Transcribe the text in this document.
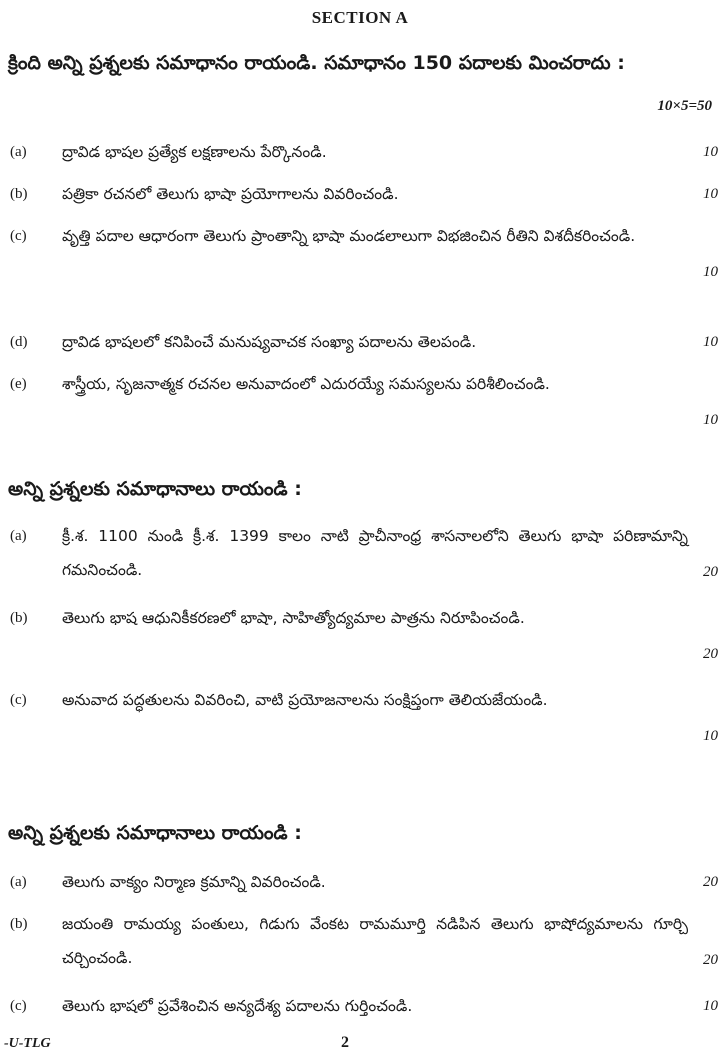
SECTION A
క్రింది అన్ని ప్రశ్నలకు సమాధానం రాయండి. సమాధానం 150 పదాలకు మించరాదు :
10×5=50
(a) ద్రావిడ భాషల ప్రత్యేక లక్షణాలను పేర్కొనండి.	10
(b) పత్రికా రచనలో తెలుగు భాషా ప్రయోగాలను వివరించండి.	10
(c) వృత్తి పదాల ఆధారంగా తెలుగు ప్రాంతాన్ని భాషా మండలాలుగా విభజించిన రీతిని విశదీకరించండి.
10
(d) ద్రావిడ భాషలలో కనిపించే మనుష్యవాచక సంఖ్యా పదాలను తెలపండి.	10
(e) శాస్త్రీయ, సృజనాత్మక రచనల అనువాదంలో ఎదురయ్యే సమస్యలను పరిశీలించండి.
10
అన్ని ప్రశ్నలకు సమాధానాలు రాయండి :
(a) క్రీ.శ. 1100 నుండి క్రీ.శ. 1399 కాలం నాటి ప్రాచీనాంధ్ర శాసనాలలోని తెలుగు భాషా పరిణామాన్ని గమనించండి.	20
(b) తెలుగు భాష ఆధునికీకరణలో భాషా, సాహిత్యోద్యమాల పాత్రను నిరూపించండి.
20
(c) అనువాద పద్ధతులను వివరించి, వాటి ప్రయోజనాలను సంక్షిప్తంగా తెలియజేయండి.
10
అన్ని ప్రశ్నలకు సమాధానాలు రాయండి :
(a) తెలుగు వాక్యం నిర్మాణ క్రమాన్ని వివరించండి.	20
(b) జయంతి రామయ్య పంతులు, గిడుగు వేంకట రామమూర్తి నడిపిన తెలుగు భాషోద్యమాలను గూర్చి చర్చించండి.	20
(c) తెలుగు భాషలో ప్రవేశించిన అన్యదేశ్య పదాలను గుర్తించండి.	10
-U-TLG	2
